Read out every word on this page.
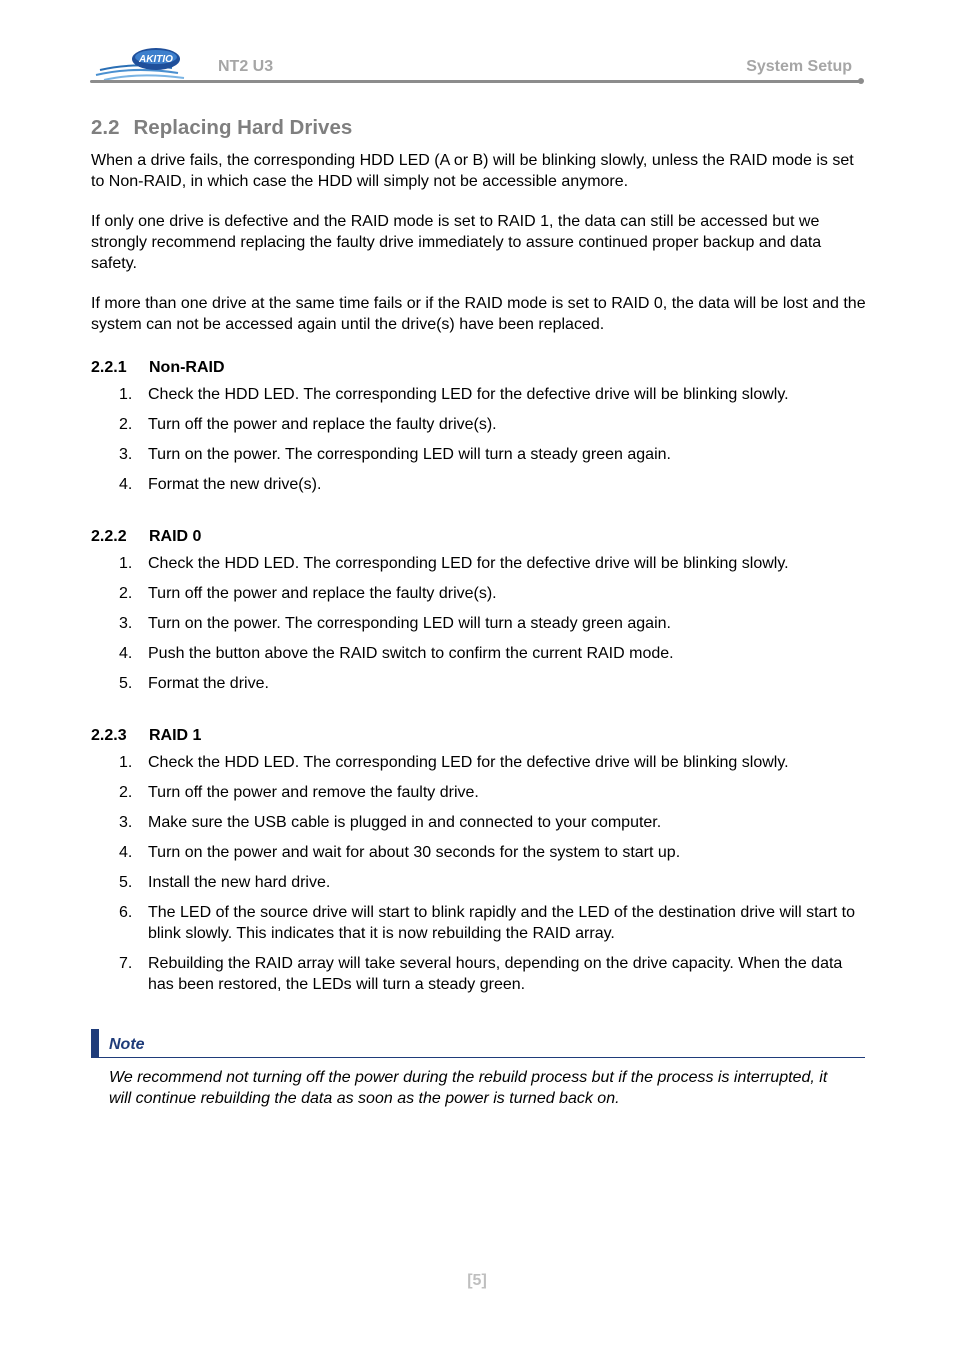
AKITIO	NT2 U3	System Setup
2.2 Replacing Hard Drives

When a drive fails, the corresponding HDD LED (A or B) will be blinking slowly, unless the RAID mode is set to Non-RAID, in which case the HDD will simply not be accessible anymore.

If only one drive is defective and the RAID mode is set to RAID 1, the data can still be accessed but we strongly recommend replacing the faulty drive immediately to assure continued proper backup and data safety.

If more than one drive at the same time fails or if the RAID mode is set to RAID 0, the data will be lost and the system can not be accessed again until the drive(s) have been replaced.

2.2.1 Non-RAID
1. Check the HDD LED. The corresponding LED for the defective drive will be blinking slowly.
2. Turn off the power and replace the faulty drive(s).
3. Turn on the power. The corresponding LED will turn a steady green again.
4. Format the new drive(s).
2.2.2 RAID 0
1. Check the HDD LED. The corresponding LED for the defective drive will be blinking slowly.
2. Turn off the power and replace the faulty drive(s).
3. Turn on the power. The corresponding LED will turn a steady green again.
4. Push the button above the RAID switch to confirm the current RAID mode.
5. Format the drive.
2.2.3 RAID 1
1. Check the HDD LED. The corresponding LED for the defective drive will be blinking slowly.
2. Turn off the power and remove the faulty drive.
3. Make sure the USB cable is plugged in and connected to your computer.
4. Turn on the power and wait for about 30 seconds for the system to start up.
5. Install the new hard drive.
6. The LED of the source drive will start to blink rapidly and the LED of the destination drive will start to blink slowly. This indicates that it is now rebuilding the RAID array.
7. Rebuilding the RAID array will take several hours, depending on the drive capacity. When the data has been restored, the LEDs will turn a steady green.
Note
We recommend not turning off the power during the rebuild process but if the process is interrupted, it will continue rebuilding the data as soon as the power is turned back on.
[5]
